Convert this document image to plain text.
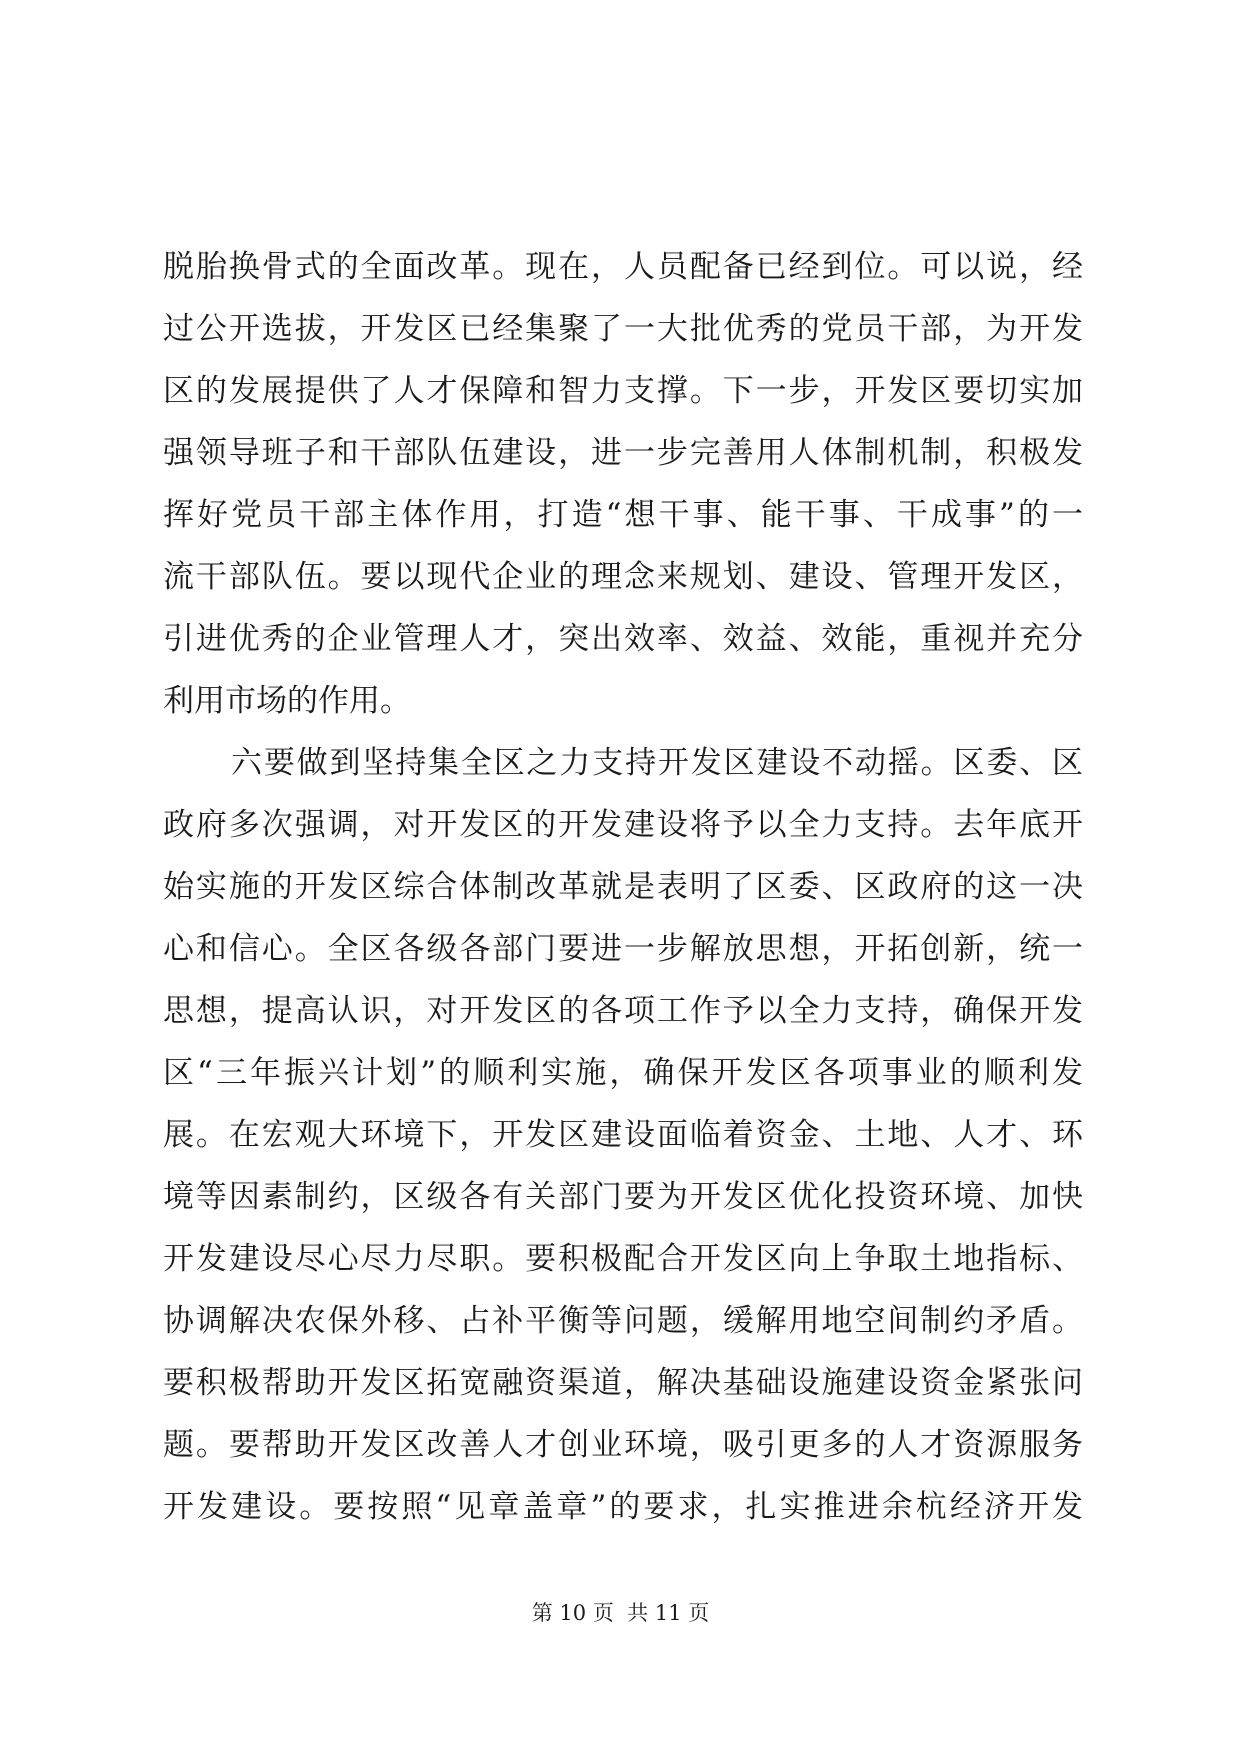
脱胎换骨式的全面改革。现在，人员配备已经到位。可以说，经
过公开选拔，开发区已经集聚了一大批优秀的党员干部，为开发
区的发展提供了人才保障和智力支撑。下一步，开发区要切实加
强领导班子和干部队伍建设，进一步完善用人体制机制，积极发
挥好党员干部主体作用，打造“想干事、能干事、干成事”的一
流干部队伍。要以现代企业的理念来规划、建设、管理开发区，
引进优秀的企业管理人才，突出效率、效益、效能，重视并充分
利用市场的作用。
六要做到坚持集全区之力支持开发区建设不动摇。区委、区
政府多次强调，对开发区的开发建设将予以全力支持。去年底开
始实施的开发区综合体制改革就是表明了区委、区政府的这一决
心和信心。全区各级各部门要进一步解放思想，开拓创新，统一
思想，提高认识，对开发区的各项工作予以全力支持，确保开发
区“三年振兴计划”的顺利实施，确保开发区各项事业的顺利发
展。在宏观大环境下，开发区建设面临着资金、土地、人才、环
境等因素制约，区级各有关部门要为开发区优化投资环境、加快
开发建设尽心尽力尽职。要积极配合开发区向上争取土地指标、
协调解决农保外移、占补平衡等问题，缓解用地空间制约矛盾。
要积极帮助开发区拓宽融资渠道，解决基础设施建设资金紧张问
题。要帮助开发区改善人才创业环境，吸引更多的人才资源服务
开发建设。要按照“见章盖章”的要求，扎实推进余杭经济开发
第 10 页  共 11 页
